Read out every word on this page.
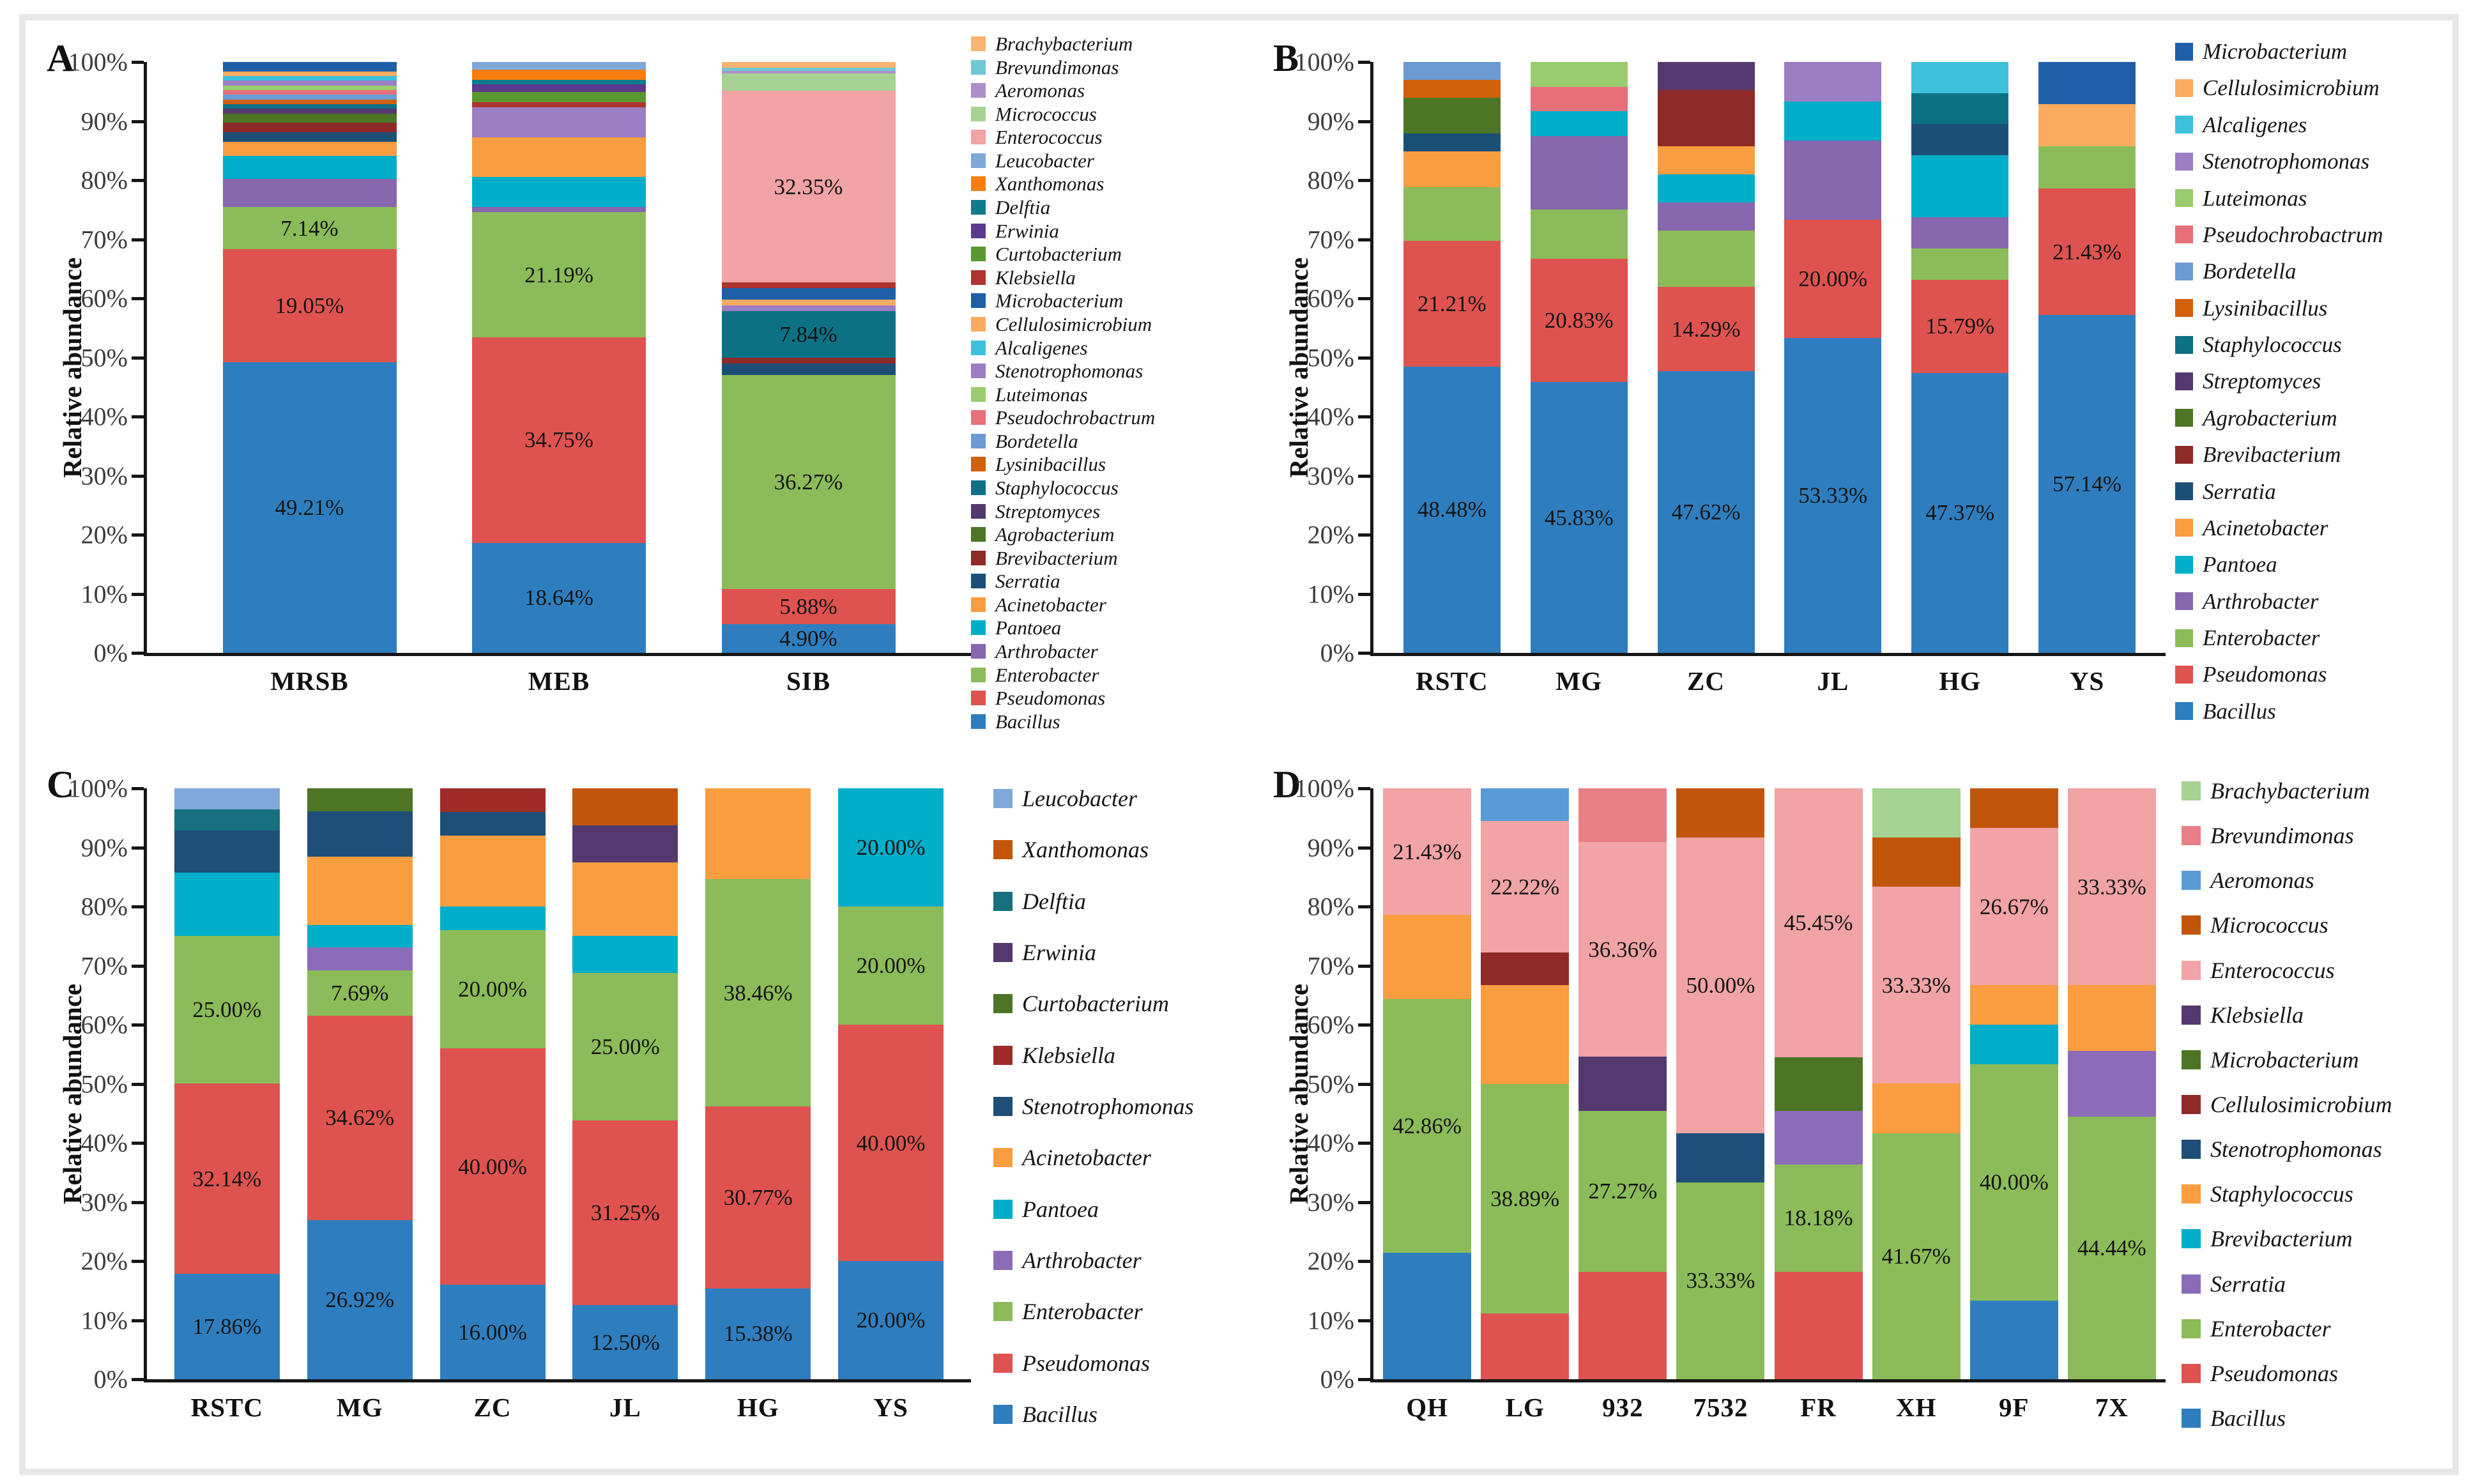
A
Relative abundance
49.21%
19.05%
7.14%
MRSB
18.64%
34.75%
21.19%
MEB
4.90%
5.88%
36.27%
7.84%
32.35%
SIB
100%
90%
80%
70%
60%
50%
40%
30%
20%
10%
0%
Brachybacterium
Brevundimonas
Aeromonas
Micrococcus
Enterococcus
Leucobacter
Xanthomonas
Delftia
Erwinia
Curtobacterium
Klebsiella
Microbacterium
Cellulosimicrobium
Alcaligenes
Stenotrophomonas
Luteimonas
Pseudochrobactrum
Bordetella
Lysinibacillus
Staphylococcus
Streptomyces
Agrobacterium
Brevibacterium
Serratia
Acinetobacter
Pantoea
Arthrobacter
Enterobacter
Pseudomonas
Bacillus
B
Relative abundance
48.48%
21.21%
RSTC
45.83%
20.83%
MG
47.62%
14.29%
ZC
53.33%
20.00%
JL
47.37%
15.79%
HG
57.14%
21.43%
YS
100%
90%
80%
70%
60%
50%
40%
30%
20%
10%
0%
Microbacterium
Cellulosimicrobium
Alcaligenes
Stenotrophomonas
Luteimonas
Pseudochrobactrum
Bordetella
Lysinibacillus
Staphylococcus
Streptomyces
Agrobacterium
Brevibacterium
Serratia
Acinetobacter
Pantoea
Arthrobacter
Enterobacter
Pseudomonas
Bacillus
C
Relative abundance
17.86%
32.14%
25.00%
RSTC
26.92%
34.62%
7.69%
MG
16.00%
40.00%
20.00%
ZC
12.50%
31.25%
25.00%
JL
15.38%
30.77%
38.46%
HG
20.00%
40.00%
20.00%
20.00%
YS
100%
90%
80%
70%
60%
50%
40%
30%
20%
10%
0%
Leucobacter
Xanthomonas
Delftia
Erwinia
Curtobacterium
Klebsiella
Stenotrophomonas
Acinetobacter
Pantoea
Arthrobacter
Enterobacter
Pseudomonas
Bacillus
D
Relative abundance	42.86%
21.43%
QH
38.89%
22.22%
LG
27.27%
36.36%
932
33.33%
50.00%
7532
18.18%
45.45%
FR
41.67%
33.33%
XH
40.00%
26.67%
9F
44.44%
33.33%
7X
100%
90%
80%
70%
60%
50%
40%
30%
20%
10%
0%
Brachybacterium
Brevundimonas
Aeromonas
Micrococcus
Enterococcus
Klebsiella
Microbacterium
Cellulosimicrobium
Stenotrophomonas
Staphylococcus
Brevibacterium
Serratia
Enterobacter
Pseudomonas
Bacillus
